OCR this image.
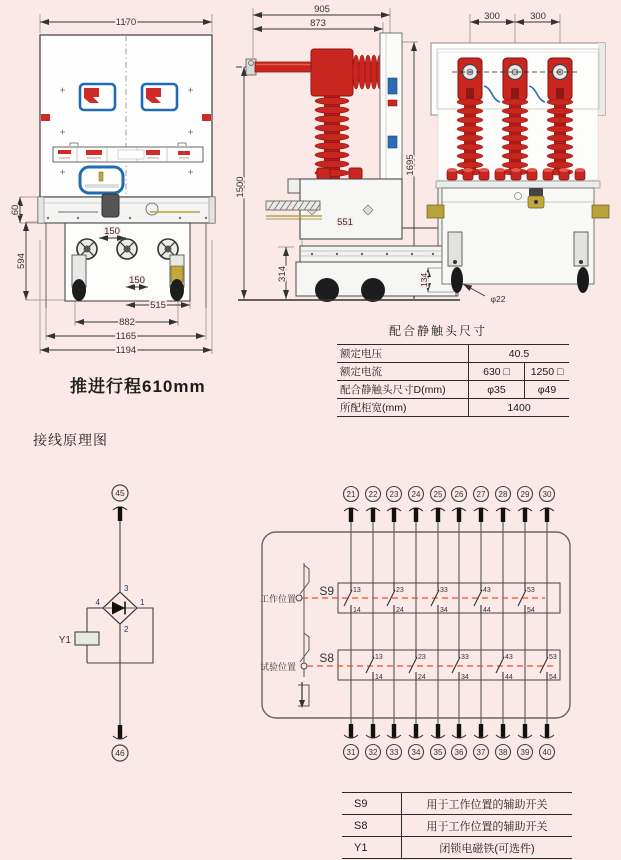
1170
60
594
150
150
515
882
1165
1194
905
873
1500
1695
551
314
300	300
134
φ22
推进行程610mm
配合静触头尺寸
额定电压	40.5	
额定电流	630 □	1250 □
配合静触头尺寸D(mm)	φ35	φ49
所配柜宽(mm)	1400	
接线原理图
45
3
4	1
2
Y1
46
21 22 23 24 25 26 27 28 29 30
工作位置
S9	13
14
23
24
33
34
43
44
53
54
试验位置
S8	13
14
23
24
33
34
43
44
53
54
31 32 33 34 35 36 37 38 39 40
S9	用于工作位置的辅助开关
S8	用于工作位置的辅助开关
Y1	闭锁电磁铁(可选件)
